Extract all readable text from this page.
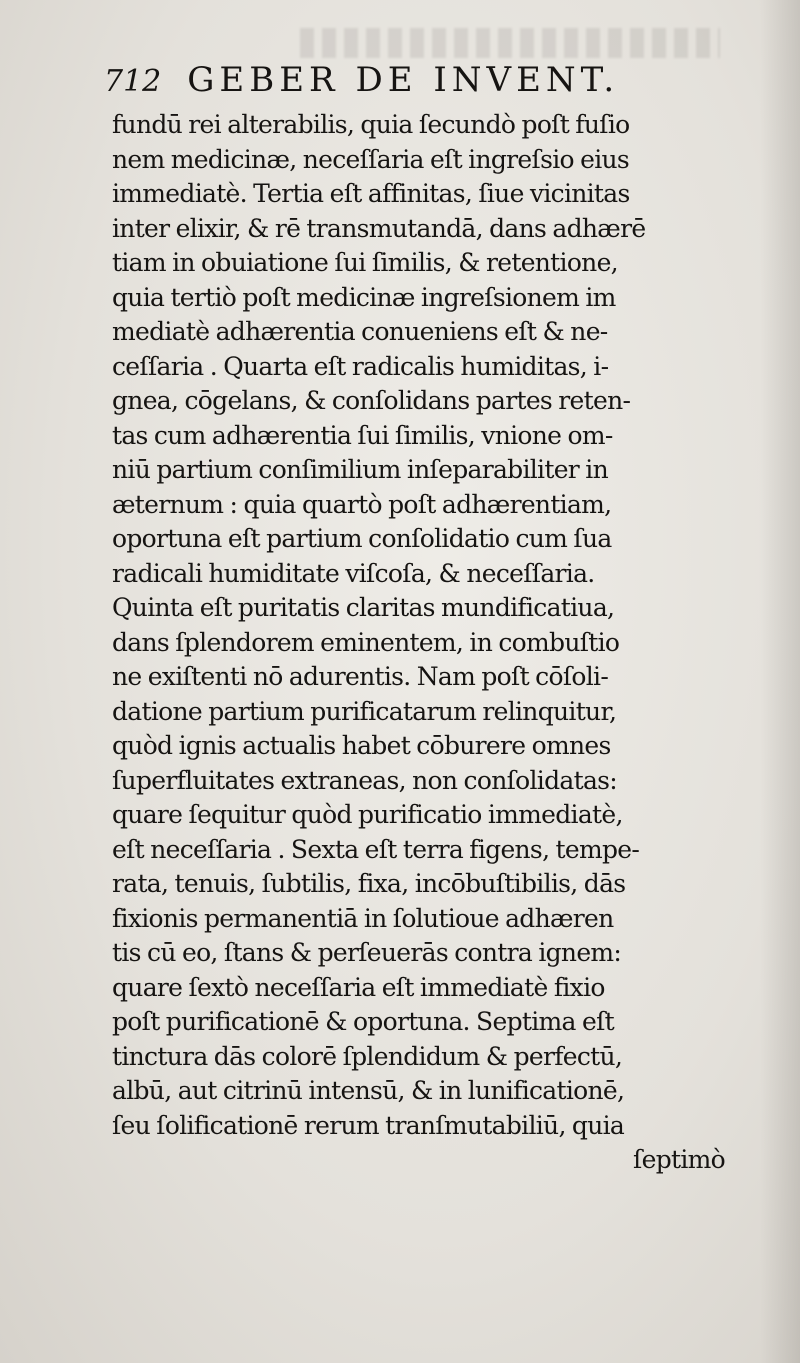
712 GEBER DE INVENT.
fundū rei alterabilis, quia ſecundò poſt fuſio
nem medicinæ, neceſſaria eſt ingreſsio eius
immediatè. Tertia eſt affinitas, ſiue vicinitas
inter elixir, & rē transmutandā, dans adhærē
tiam in obuiatione ſui ſimilis, & retentione,
quia tertiò poſt medicinæ ingreſsionem im
mediatè adhærentia conueniens eſt & ne-
ceſſaria . Quarta eſt radicalis humiditas, i-
gnea, cōgelans, & conſolidans partes reten-
tas cum adhærentia ſui ſimilis, vnione om-
niū partium conſimilium inſeparabiliter in
æternum : quia quartò poſt adhærentiam,
oportuna eſt partium conſolidatio cum ſua
radicali humiditate viſcoſa, & neceſſaria.
Quinta eſt puritatis claritas mundificatiua,
dans ſplendorem eminentem, in combuſtio
ne exiſtenti nō adurentis. Nam poſt cōſoli-
datione partium purificatarum relinquitur,
quòd ignis actualis habet cōburere omnes
ſuperfluitates extraneas, non conſolidatas:
quare ſequitur quòd purificatio immediatè,
eſt neceſſaria . Sexta eſt terra figens, tempe-
rata, tenuis, ſubtilis, fixa, incōbuſtibilis, dās
fixionis permanentiā in ſolutioue adhæren
tis cū eo, ſtans & perſeuerās contra ignem:
quare ſextò neceſſaria eſt immediatè fixio
poſt purificationē & oportuna. Septima eſt
tinctura dās colorē ſplendidum & perfectū,
albū, aut citrinū intensū, & in lunificationē,
ſeu ſolificationē rerum tranſmutabiliū, quia
ſeptimò
